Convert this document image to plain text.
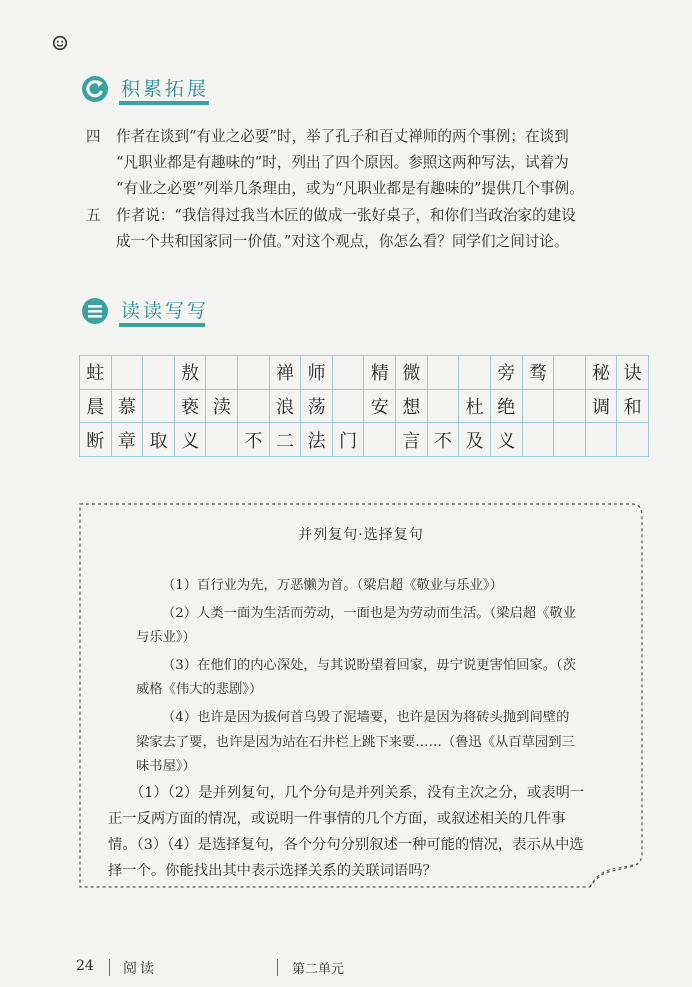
积累拓展
四	作者在谈到“有业之必要”时，举了孔子和百丈禅师的两个事例；在谈到
“凡职业都是有趣味的”时，列出了四个原因。参照这两种写法，试着为
“有业之必要”列举几条理由，或为“凡职业都是有趣味的”提供几个事例。
五	作者说：“我信得过我当木匠的做成一张好桌子，和你们当政治家的建设
成一个共和国家同一价值。”对这个观点，你怎么看？同学们之间讨论。
读读写写
蛀			敖			禅	师		精	微			旁	骛		秘	诀
晨	慕		亵	渎		浪	荡		安	想		杜	绝			调	和
断	章	取	义		不	二	法	门		言	不	及	义				
并列复句·选择复句
（1）百行业为先，万恶懒为首。（梁启超《敬业与乐业》）
（2）人类一面为生活而劳动，一面也是为劳动而生活。（梁启超《敬业
与乐业》）
（3）在他们的内心深处，与其说盼望着回家，毋宁说更害怕回家。（茨
威格《伟大的悲剧》）
（4）也许是因为拔何首乌毁了泥墙要，也许是因为将砖头抛到间壁的
梁家去了要，也许是因为站在石井栏上跳下来要……（鲁迅《从百草园到三
味书屋》）
（1）（2）是并列复句，几个分句是并列关系，没有主次之分，或表明一
正一反两方面的情况，或说明一件事情的几个方面，或叙述相关的几件事
情。（3）（4）是选择复句，各个分句分别叙述一种可能的情况，表示从中选
择一个。你能找出其中表示选择关系的关联词语吗？
24 阅读	第二单元
